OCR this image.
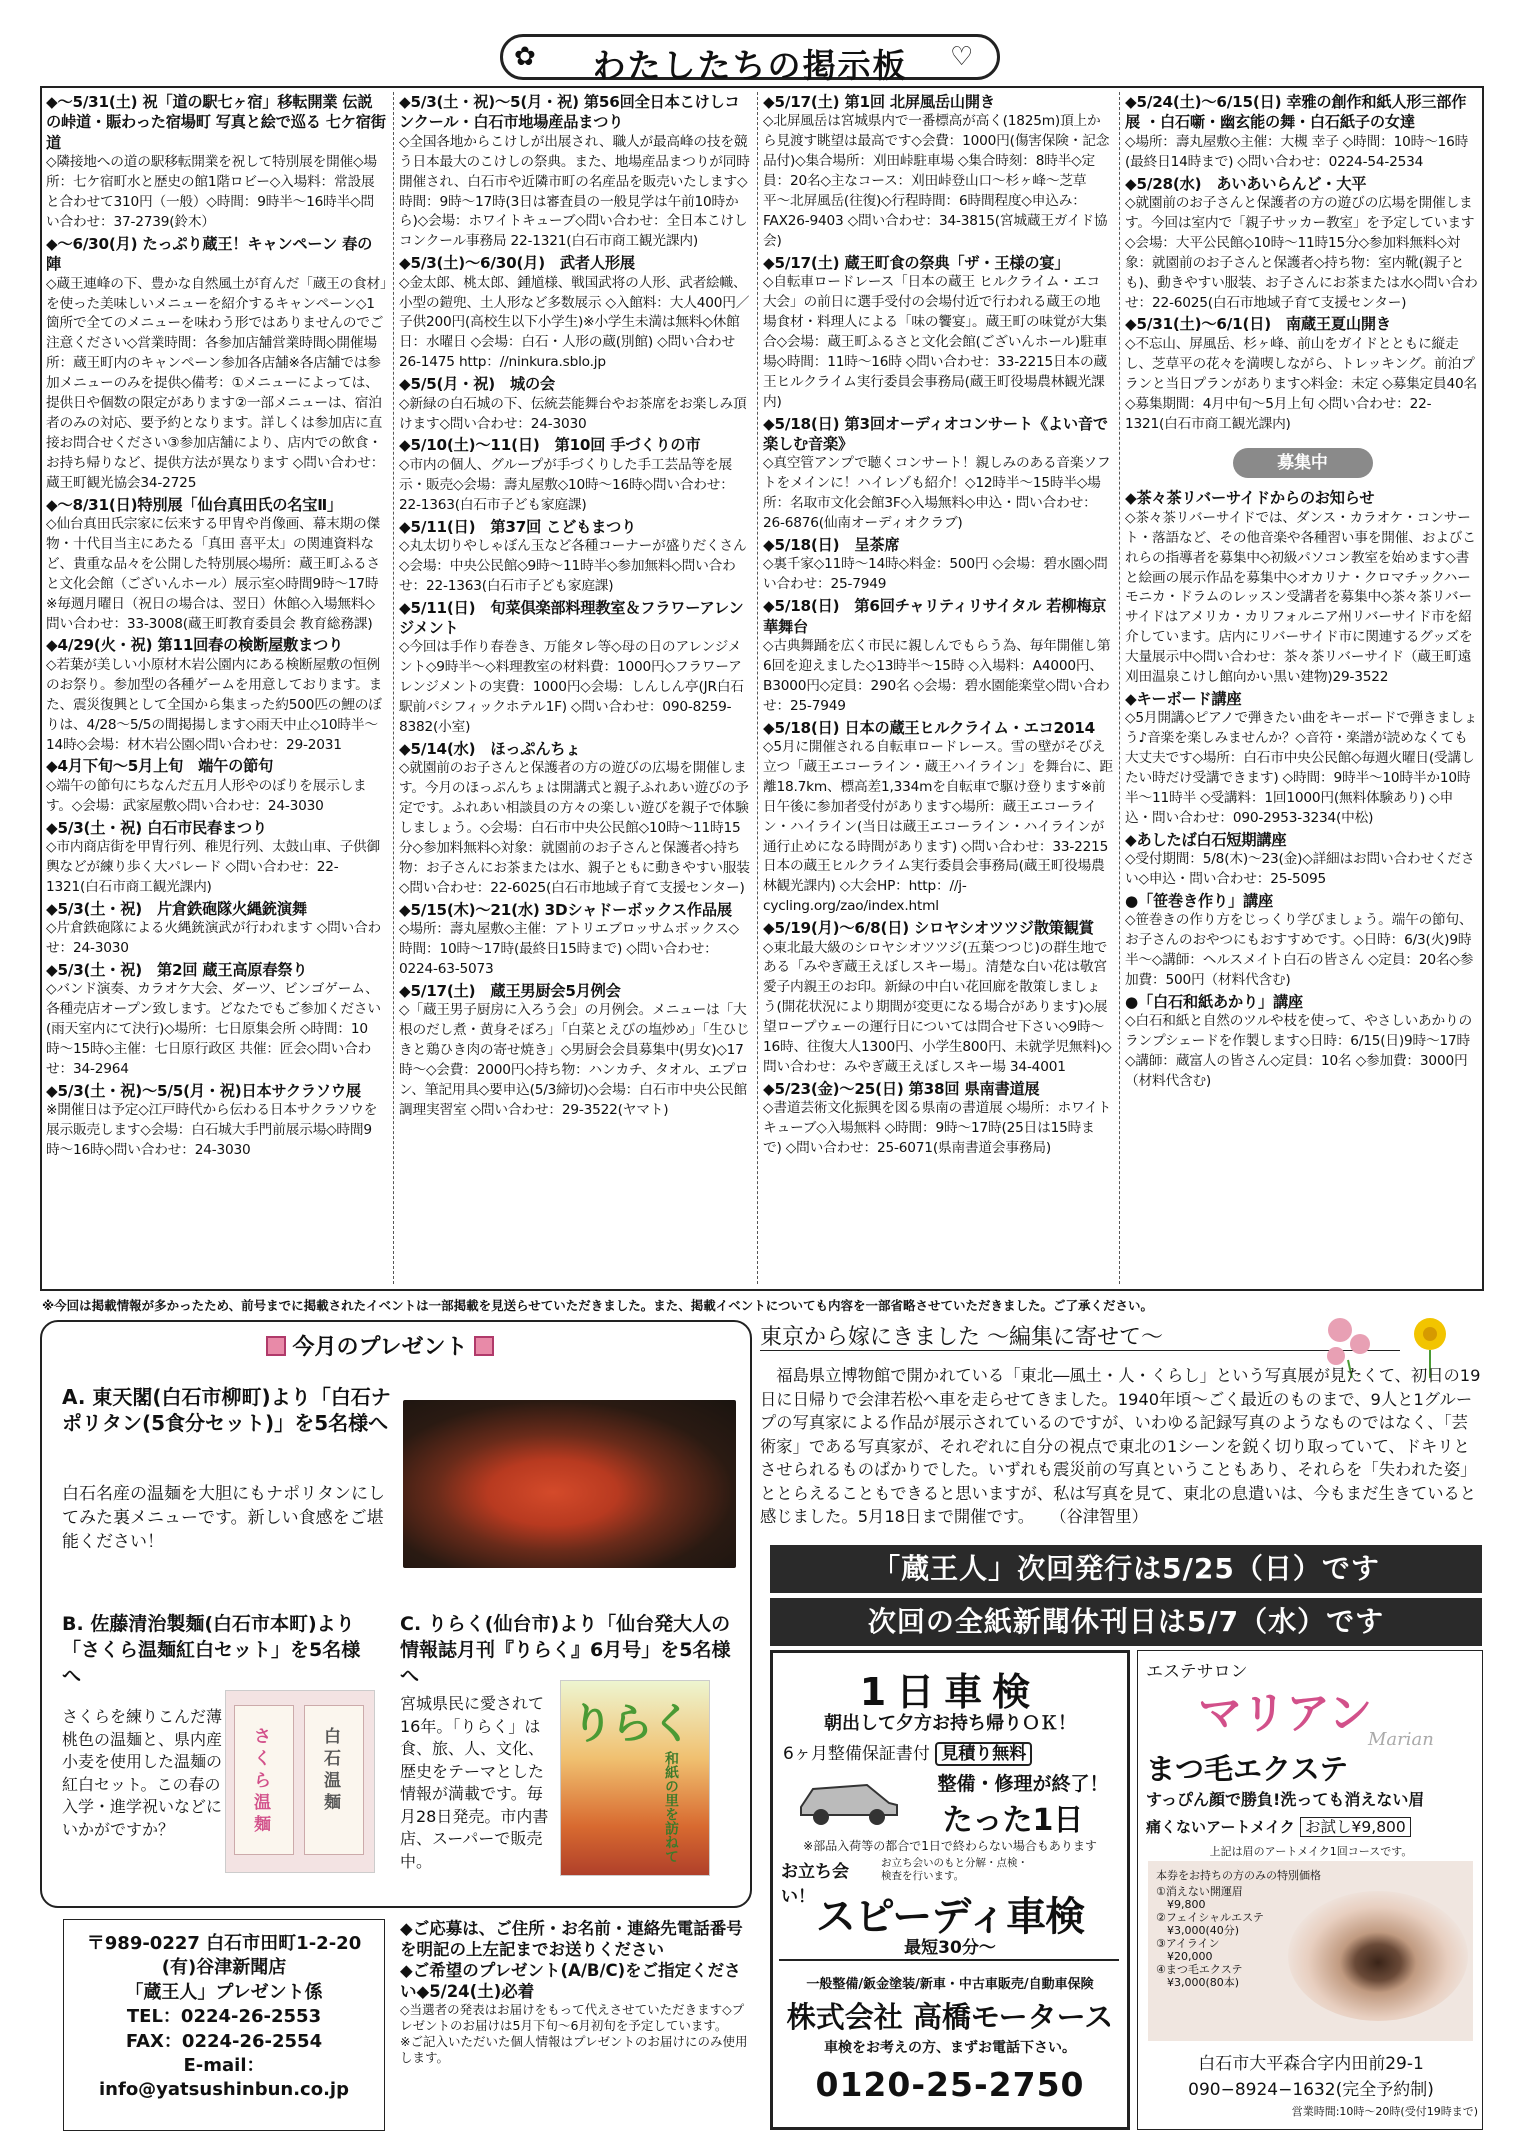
✿	わたしたちの掲示板	♡
◆〜5/31(土) 祝「道の駅七ヶ宿」移転開業 伝説の峠道・賑わった宿場町 写真と絵で巡る 七ケ宿街道
◇隣接地への道の駅移転開業を祝して特別展を開催◇場所：七ケ宿町水と歴史の館1階ロビー◇入場料：常設展と合わせて310円（一般）◇時間：9時半〜16時半◇問い合わせ：37-2739(鈴木）
◆〜6/30(月) たっぷり蔵王！キャンペーン 春の陣
◇蔵王連峰の下、豊かな自然風土が育んだ「蔵王の食材」を使った美味しいメニューを紹介するキャンペーン◇1箇所で全てのメニューを味わう形ではありませんのでご注意ください◇営業時間：各参加店舗営業時間◇開催場所：蔵王町内のキャンペーン参加各店舗※各店舗では参加メニューのみを提供◇備考：①メニューによっては、提供日や個数の限定があります②一部メニューは、宿泊者のみの対応、要予約となります。詳しくは参加店に直接お問合せください③参加店舗により、店内での飲食・お持ち帰りなど、提供方法が異なります ◇問い合わせ：蔵王町観光協会34-2725
◆〜8/31(日)特別展「仙台真田氏の名宝Ⅱ」
◇仙台真田氏宗家に伝来する甲冑や肖像画、幕末期の傑物・十代目当主にあたる「真田 喜平太」の関連資料など、貴重な品々を公開した特別展◇場所：蔵王町ふるさと文化会館（ございんホール）展示室◇時間9時〜17時 ※毎週月曜日（祝日の場合は、翌日）休館◇入場無料◇問い合わせ：33-3008(蔵王町教育委員会 教育総務課)
◆4/29(火・祝) 第11回春の検断屋敷まつり
◇若葉が美しい小原材木岩公園内にある検断屋敷の恒例のお祭り。参加型の各種ゲームを用意しております。また、震災復興として全国から集まった約500匹の鯉のぼりは、4/28〜5/5の間掲揚します◇雨天中止◇10時半〜14時◇会場：材木岩公園◇問い合わせ：29-2031
◆4月下旬〜5月上旬　端午の節句
◇端午の節句にちなんだ五月人形やのぼりを展示します。◇会場：武家屋敷◇問い合わせ：24-3030
◆5/3(土・祝) 白石市民春まつり
◇市内商店街を甲冑行列、稚児行列、太鼓山車、子供御輿などが練り歩く大パレード ◇問い合わせ：22-1321(白石市商工観光課内)
◆5/3(土・祝)　片倉鉄砲隊火縄銃演舞
◇片倉鉄砲隊による火縄銃演武が行われます ◇問い合わせ：24-3030
◆5/3(土・祝)　第2回 蔵王高原春祭り
◇バンド演奏、カラオケ大会、ダーツ、ビンゴゲーム、各種売店オープン致します。どなたでもご参加ください(雨天室内にて決行)◇場所：七日原集会所 ◇時間：10時〜15時◇主催：七日原行政区 共催：匠会◇問い合わせ：34-2964
◆5/3(土・祝)〜5/5(月・祝)日本サクラソウ展
※開催日は予定◇江戸時代から伝わる日本サクラソウを展示販売します◇会場：白石城大手門前展示場◇時間9時〜16時◇問い合わせ：24-3030
◆5/3(土・祝)〜5(月・祝) 第56回全日本こけしコンクール・白石市地場産品まつり
◇全国各地からこけしが出展され、職人が最高峰の技を競う日本最大のこけしの祭典。また、地場産品まつりが同時開催され、白石市や近隣市町の名産品を販売いたします◇時間：9時〜17時(3日は審査員の一般見学は午前10時から)◇会場：ホワイトキューブ◇問い合わせ：全日本こけしコンクール事務局 22-1321(白石市商工観光課内)
◆5/3(土)〜6/30(月)　武者人形展
◇金太郎、桃太郎、鍾馗様、戦国武将の人形、武者絵幟、小型の鎧兜、土人形など多数展示 ◇入館料：大人400円／子供200円(高校生以下小学生)※小学生未満は無料◇休館日：水曜日 ◇会場：白石・人形の蔵(別館) ◇問い合わせ26-1475 http：//ninkura.sblo.jp
◆5/5(月・祝)　城の会
◇新緑の白石城の下、伝統芸能舞台やお茶席をお楽しみ頂けます◇問い合わせ：24-3030
◆5/10(土)〜11(日)　第10回 手づくりの市
◇市内の個人、グループが手づくりした手工芸品等を展示・販売◇会場：壽丸屋敷◇10時〜16時◇問い合わせ：22-1363(白石市子ども家庭課)
◆5/11(日)　第37回 こどもまつり
◇丸太切りやしゃぼん玉など各種コーナーが盛りだくさん◇会場：中央公民館◇9時〜11時半◇参加無料◇問い合わせ：22-1363(白石市子ども家庭課)
◆5/11(日)　旬菜倶楽部料理教室＆フラワーアレンジメント
◇今回は手作り春巻き、万能タレ等◇母の日のアレンジメント◇9時半〜◇料理教室の材料費：1000円◇フラワーアレンジメントの実費：1000円◇会場：しんしん亭(JR白石駅前パシフィックホテル1F) ◇問い合わせ：090-8259-8382(小室)
◆5/14(水)　ほっぷんちょ
◇就園前のお子さんと保護者の方の遊びの広場を開催します。今月のほっぷんちょは開講式と親子ふれあい遊びの予定です。ふれあい相談員の方々の楽しい遊びを親子で体験しましょう。◇会場：白石市中央公民館◇10時〜11時15分◇参加料無料◇対象：就園前のお子さんと保護者◇持ち物：お子さんにお茶または水、親子ともに動きやすい服装◇問い合わせ：22-6025(白石市地域子育て支援センター)
◆5/15(木)〜21(水) 3Dシャドーボックス作品展
◇場所：壽丸屋敷◇主催：アトリエブロッサムボックス◇時間：10時〜17時(最終日15時まで) ◇問い合わせ：0224-63-5073
◆5/17(土)　蔵王男厨会5月例会
◇「蔵王男子厨房に入ろう会」の月例会。メニューは「大根のだし煮・黄身そぼろ」「白菜とえびの塩炒め」「生ひじきと鶏ひき肉の寄せ焼き」◇男厨会会員募集中(男女)◇17時〜◇会費：2000円◇持ち物：ハンカチ、タオル、エプロン、筆記用具◇要申込(5/3締切)◇会場：白石市中央公民館調理実習室 ◇問い合わせ：29-3522(ヤマト)
◆5/17(土) 第1回 北屏風岳山開き
◇北屏風岳は宮城県内で一番標高が高く(1825m)頂上から見渡す眺望は最高です◇会費：1000円(傷害保険・記念品付)◇集合場所：刈田峠駐車場 ◇集合時刻：8時半◇定員：20名◇主なコース：刈田峠登山口〜杉ヶ峰〜芝草平〜北屏風岳(往復)◇行程時間：6時間程度◇申込み：FAX26-9403 ◇問い合わせ：34-3815(宮城蔵王ガイド協会)
◆5/17(土) 蔵王町食の祭典「ザ・王様の宴」
◇自転車ロードレース「日本の蔵王 ヒルクライム・エコ大会」の前日に選手受付の会場付近で行われる蔵王の地場食材・料理人による「味の饗宴」。蔵王町の味覚が大集合◇会場：蔵王町ふるさと文化会館(ございんホール)駐車場◇時間：11時〜16時 ◇問い合わせ：33-2215日本の蔵王ヒルクライム実行委員会事務局(蔵王町役場農林観光課内)
◆5/18(日) 第3回オーディオコンサート《よい音で楽しむ音楽》
◇真空管アンプで聴くコンサート！親しみのある音楽ソフトをメインに！ハイレゾも紹介！◇12時半〜15時半◇場所：名取市文化会館3F◇入場無料◇申込・問い合わせ：26-6876(仙南オーディオクラブ)
◆5/18(日)　呈茶席
◇裏千家◇11時〜14時◇料金：500円 ◇会場：碧水園◇問い合わせ：25-7949
◆5/18(日)　第6回チャリティリサイタル 若柳梅京華舞台
◇古典舞踊を広く市民に親しんでもらう為、毎年開催し第6回を迎えました◇13時半〜15時 ◇入場料：A4000円、B3000円◇定員：290名 ◇会場：碧水園能楽堂◇問い合わせ：25-7949
◆5/18(日) 日本の蔵王ヒルクライム・エコ2014
◇5月に開催される自転車ロードレース。雪の壁がそびえ立つ「蔵王エコーライン・蔵王ハイライン」を舞台に、距離18.7km、標高差1,334mを自転車で駆け登ります※前日午後に参加者受付があります◇場所：蔵王エコーライン・ハイライン(当日は蔵王エコーライン・ハイラインが通行止めになる時間があります) ◇問い合わせ：33-2215日本の蔵王ヒルクライム実行委員会事務局(蔵王町役場農林観光課内) ◇大会HP：http：//j-cycling.org/zao/index.html
◆5/19(月)〜6/8(日) シロヤシオツツジ散策観賞
◇東北最大級のシロヤシオツツジ(五葉つつじ)の群生地である「みやぎ蔵王えぼしスキー場」。清楚な白い花は敬宮愛子内親王のお印。新緑の中白い花回廊を散策しましょう(開花状況により期間が変更になる場合があります)◇展望ロープウェーの運行日については問合せ下さい◇9時〜16時、往復大人1300円、小学生800円、未就学児無料)◇問い合わせ：みやぎ蔵王えぼしスキー場 34-4001
◆5/23(金)〜25(日) 第38回 県南書道展
◇書道芸術文化振興を図る県南の書道展 ◇場所：ホワイトキューブ◇入場無料 ◇時間：9時〜17時(25日は15時まで) ◇問い合わせ：25-6071(県南書道会事務局)
◆5/24(土)〜6/15(日) 幸雅の創作和紙人形三部作展 ・白石噺・幽玄能の舞・白石紙子の女達
◇場所：壽丸屋敷◇主催：大槻 幸子 ◇時間：10時〜16時(最終日14時まで) ◇問い合わせ：0224-54-2534
◆5/28(水)　あいあいらんど・大平
◇就園前のお子さんと保護者の方の遊びの広場を開催します。今回は室内で「親子サッカー教室」を予定しています◇会場：大平公民館◇10時〜11時15分◇参加料無料◇対象：就園前のお子さんと保護者◇持ち物：室内靴(親子とも)、動きやすい服装、お子さんにお茶または水◇問い合わせ：22-6025(白石市地域子育て支援センター)
◆5/31(土)〜6/1(日)　南蔵王夏山開き
◇不忘山、屏風岳、杉ヶ峰、前山をガイドとともに縦走し、芝草平の花々を満喫しながら、トレッキング。前泊プランと当日プランがあります◇料金：未定 ◇募集定員40名◇募集期間：4月中旬〜5月上旬 ◇問い合わせ：22-1321(白石市商工観光課内)
募集中
◆茶々茶リバーサイドからのお知らせ
◇茶々茶リバーサイドでは、ダンス・カラオケ・コンサート・落語など、その他音楽や各種習い事を開催、およびこれらの指導者を募集中◇初級パソコン教室を始めます◇書と絵画の展示作品を募集中◇オカリナ・クロマチックハーモニカ・ドラムのレッスン受講者を募集中◇茶々茶リバーサイドはアメリカ・カリフォルニア州リバーサイド市を紹介しています。店内にリバーサイド市に関連するグッズを大量展示中◇問い合わせ：茶々茶リバーサイド（蔵王町遠刈田温泉こけし館向かい黒い建物)29-3522
◆キーボード講座
◇5月開講◇ピアノで弾きたい曲をキーボードで弾きましょう♪音楽を楽しみませんか？◇音符・楽譜が読めなくても大丈夫です◇場所：白石市中央公民館◇毎週火曜日(受講したい時だけ受講できます) ◇時間：9時半〜10時半か10時半〜11時半 ◇受講料：1回1000円(無料体験あり) ◇申込・問い合わせ：090-2953-3234(中松)
◆あしたば白石短期講座
◇受付期間：5/8(木)〜23(金)◇詳細はお問い合わせください◇申込・問い合わせ：25-5095
●「笹巻き作り」講座
◇笹巻きの作り方をじっくり学びましょう。端午の節句、お子さんのおやつにもおすすめです。◇日時：6/3(火)9時半〜◇講師：ヘルスメイト白石の皆さん ◇定員：20名◇参加費：500円（材料代含む)
●「白石和紙あかり」講座
◇白石和紙と自然のツルや枝を使って、やさしいあかりのランプシェードを作製します◇日時：6/15(日)9時〜17時◇講師：蔵富人の皆さん◇定員：10名 ◇参加費：3000円（材料代含む)
※今回は掲載情報が多かったため、前号までに掲載されたイベントは一部掲載を見送らせていただきました。また、掲載イベントについても内容を一部省略させていただきました。ご了承ください。
今月のプレゼント
A. 東天閣(白石市柳町)より「白石ナポリタン(5食分セット)」を5名様へ
白石名産の温麺を大胆にもナポリタンにしてみた裏メニューです。新しい食感をご堪能ください！
B. 佐藤清治製麺(白石市本町)より「さくら温麺紅白セット」を5名様へ
さくらを練りこんだ薄桃色の温麺と、県内産小麦を使用した温麺の紅白セット。この春の入学・進学祝いなどにいかがですか？
さくら温麺
白石温麺
C. りらく(仙台市)より「仙台発大人の情報誌月刊『りらく』6月号」を5名様へ
宮城県民に愛されて16年。「りらく」は食、旅、人、文化、歴史をテーマとした情報が満載です。毎月28日発売。市内書店、スーパーで販売中。
りらく
和紙の里を訪ねて
〒989-0227 白石市田町1-2-20
(有)谷津新聞店
「蔵王人」プレゼント係
TEL：0224-26-2553
FAX：0224-26-2554
E-mail：info@yatsushinbun.co.jp
◆ご応募は、ご住所・お名前・連絡先電話番号を明記の上左記までお送りください
◆ご希望のプレゼント(A/B/C)をご指定ください◆5/24(土)必着
◇当選者の発表はお届けをもって代えさせていただきます◇プレゼントのお届けは5月下旬〜6月初旬を予定しています。
※ご記入いただいた個人情報はプレゼントのお届けにのみ使用します。
東京から嫁にきました 〜編集に寄せて〜
福島県立博物館で開かれている「東北―風土・人・くらし」という写真展が見たくて、初日の19日に日帰りで会津若松へ車を走らせてきました。1940年頃〜ごく最近のものまで、9人と1グループの写真家による作品が展示されているのですが、いわゆる記録写真のようなものではなく、「芸術家」である写真家が、それぞれに自分の視点で東北の1シーンを鋭く切り取っていて、ドキリとさせられるものばかりでした。いずれも震災前の写真ということもあり、それらを「失われた姿」ととらえることもできると思いますが、私は写真を見て、東北の息遣いは、今もまだ生きていると感じました。5月18日まで開催です。　　（谷津智里）
「蔵王人」次回発行は5/25（日）です
次回の全紙新聞休刊日は5/7（水）です
1日車検
朝出して夕方お持ち帰りＯＫ！
6ヶ月整備保証書付 見積り無料
整備・修理が終了！
たった1日
※部品入荷等の都合で1日で終わらない場合もあります
お立ち会い！
お立ち会いのもと分解・点検・検査を行います。
スピーディ車検
最短30分〜
一般整備/鈑金塗装/新車・中古車販売/自動車保険
株式会社 高橋モータース
車検をお考えの方、まずお電話下さい。
0120-25-2750
エステサロン
マリアン
Marian
まつ毛エクステ
すっぴん顔で勝負!洗っても消えない眉
痛くないアートメイク お試し¥9,800
上記は眉のアートメイク1回コースです。
本券をお持ちの方のみの特別価格
①消えない開運眉
　¥9,800
②フェイシャルエステ
　¥3,000(40分)
③アイライン
　¥20,000
④まつ毛エクステ
　¥3,000(80本)
白石市大平森合字内田前29-1
090−8924−1632(完全予約制)
営業時間:10時〜20時(受付19時まで)
